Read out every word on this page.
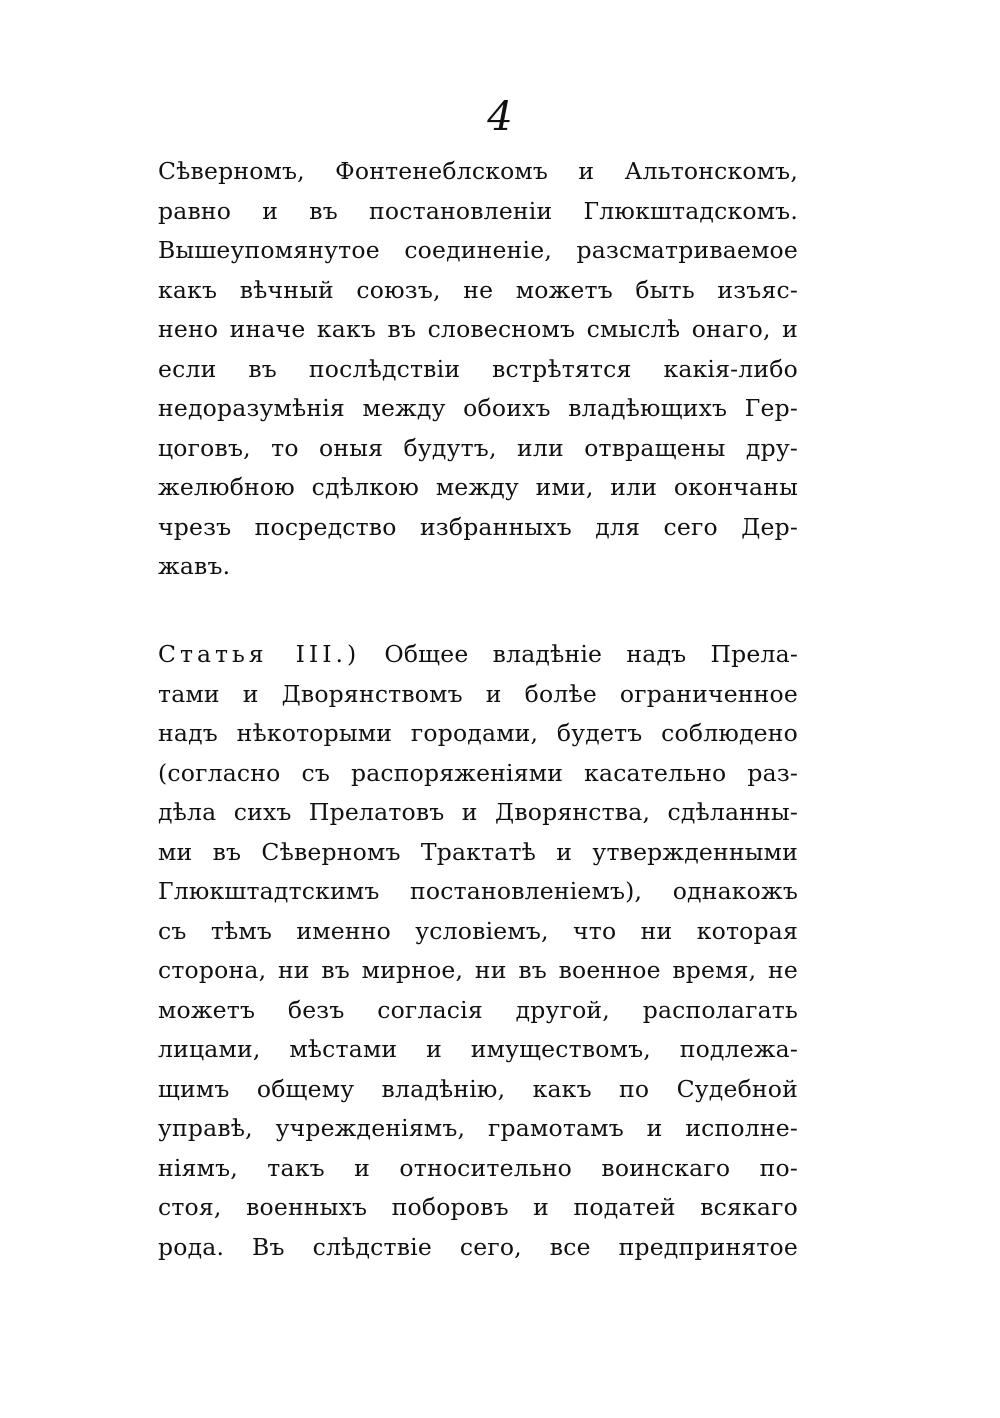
4
Сѣверномъ, Фонтенеблскомъ и Альтонскомъ,
равно и въ постановленіи Глюкштадскомъ.
Вышеупомянутое соединеніе, разсматриваемое
какъ вѣчный союзъ, не можетъ быть изъяс-
нено иначе какъ въ словесномъ смыслѣ онаго, и
если въ послѣдствіи встрѣтятся какія-либо
недоразумѣнія между обоихъ владѣющихъ Гер-
цоговъ, то оныя будутъ, или отвращены дру-
желюбною сдѣлкою между ими, или окончаны
чрезъ посредство избранныхъ для сего Дер-
жавъ.
Статья III.) Общее владѣніе надъ Прела-
тами и Дворянствомъ и болѣе ограниченное
надъ нѣкоторыми городами, будетъ соблюдено
(согласно съ распоряженіями касательно раз-
дѣла сихъ Прелатовъ и Дворянства, сдѣланны-
ми въ Сѣверномъ Трактатѣ и утвержденными
Глюкштадтскимъ постановленіемъ), однакожъ
съ тѣмъ именно условіемъ, что ни которая
сторона, ни въ мирное, ни въ военное время, не
можетъ безъ согласія другой, располагать
лицами, мѣстами и имуществомъ, подлежа-
щимъ общему владѣнію, какъ по Судебной
управѣ, учрежденіямъ, грамотамъ и исполне-
ніямъ, такъ и относительно воинскаго по-
стоя, военныхъ поборовъ и податей всякаго
рода. Въ слѣдствіе сего, все предпринятое
